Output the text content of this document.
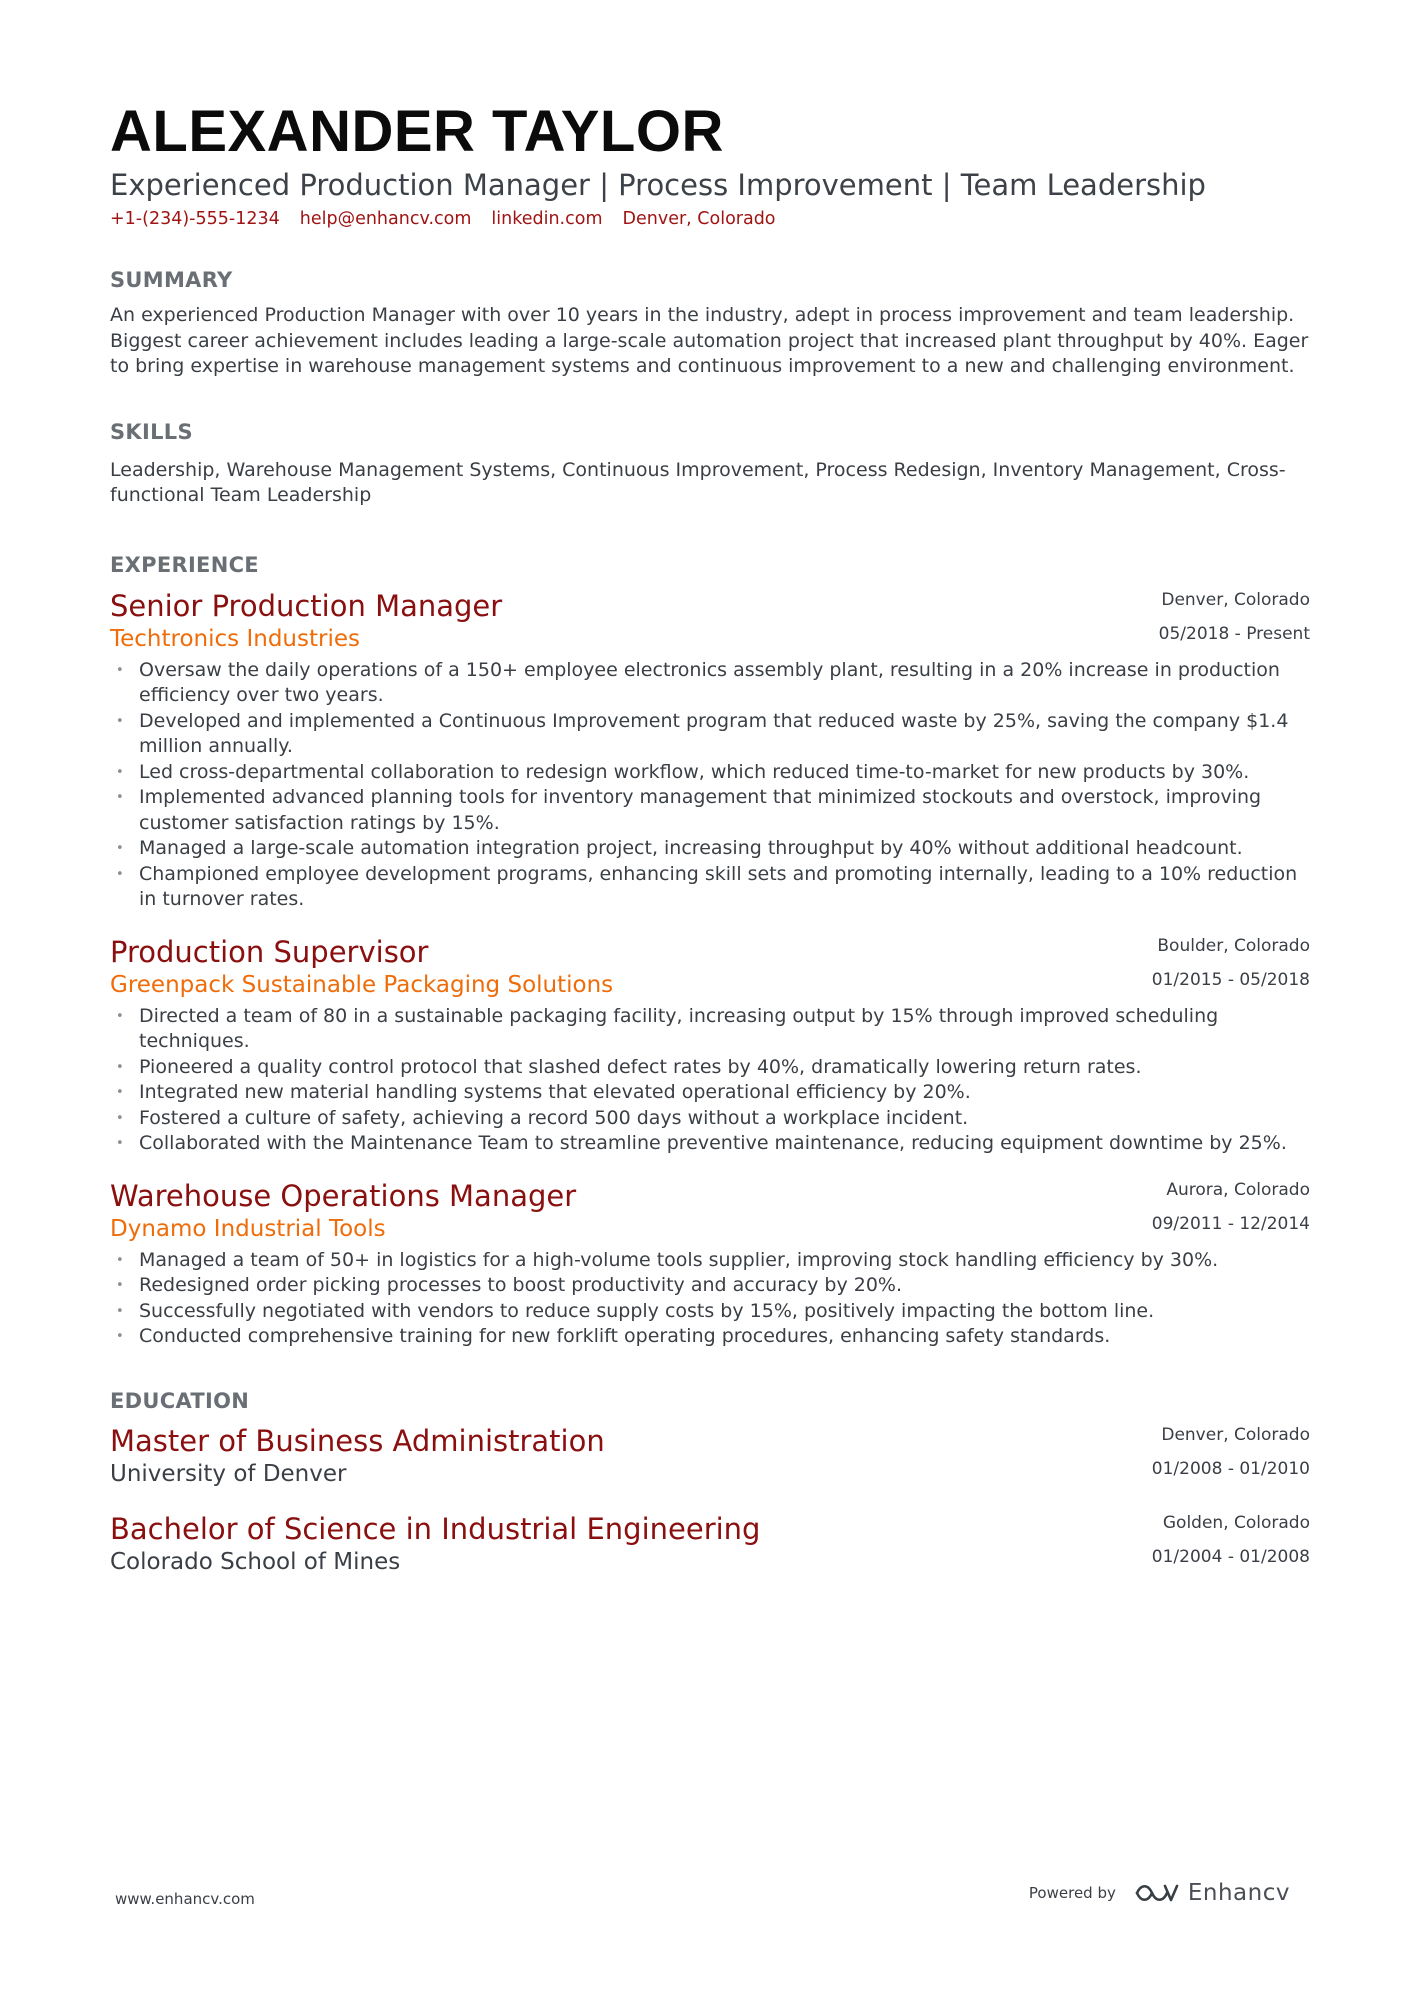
ALEXANDER TAYLOR
Experienced Production Manager | Process Improvement | Team Leadership
+1-(234)-555-1234 help@enhancv.com linkedin.com Denver, Colorado
SUMMARY

An experienced Production Manager with over 10 years in the industry, adept in process improvement and team leadership. Biggest career achievement includes leading a large-scale automation project that increased plant throughput by 40%. Eager to bring expertise in warehouse management systems and continuous improvement to a new and challenging environment.

SKILLS

Leadership, Warehouse Management Systems, Continuous Improvement, Process Redesign, Inventory Management, Cross-functional Team Leadership

EXPERIENCE
Senior Production Manager
Techtronics Industries
Denver, Colorado
05/2018 - Present
• Oversaw the daily operations of a 150+ employee electronics assembly plant, resulting in a 20% increase in production efficiency over two years.
• Developed and implemented a Continuous Improvement program that reduced waste by 25%, saving the company $1.4 million annually.
• Led cross-departmental collaboration to redesign workflow, which reduced time-to-market for new products by 30%.
• Implemented advanced planning tools for inventory management that minimized stockouts and overstock, improving customer satisfaction ratings by 15%.
• Managed a large-scale automation integration project, increasing throughput by 40% without additional headcount.
• Championed employee development programs, enhancing skill sets and promoting internally, leading to a 10% reduction in turnover rates.
Production Supervisor
Greenpack Sustainable Packaging Solutions
Boulder, Colorado
01/2015 - 05/2018
• Directed a team of 80 in a sustainable packaging facility, increasing output by 15% through improved scheduling techniques.
• Pioneered a quality control protocol that slashed defect rates by 40%, dramatically lowering return rates.
• Integrated new material handling systems that elevated operational efficiency by 20%.
• Fostered a culture of safety, achieving a record 500 days without a workplace incident.
• Collaborated with the Maintenance Team to streamline preventive maintenance, reducing equipment downtime by 25%.
Warehouse Operations Manager
Dynamo Industrial Tools
Aurora, Colorado
09/2011 - 12/2014
• Managed a team of 50+ in logistics for a high-volume tools supplier, improving stock handling efficiency by 30%.
• Redesigned order picking processes to boost productivity and accuracy by 20%.
• Successfully negotiated with vendors to reduce supply costs by 15%, positively impacting the bottom line.
• Conducted comprehensive training for new forklift operating procedures, enhancing safety standards.
EDUCATION
Master of Business Administration
University of Denver
Denver, Colorado
01/2008 - 01/2010
Bachelor of Science in Industrial Engineering
Colorado School of Mines
Golden, Colorado
01/2004 - 01/2008
www.enhancv.com	Powered by	Enhancv
